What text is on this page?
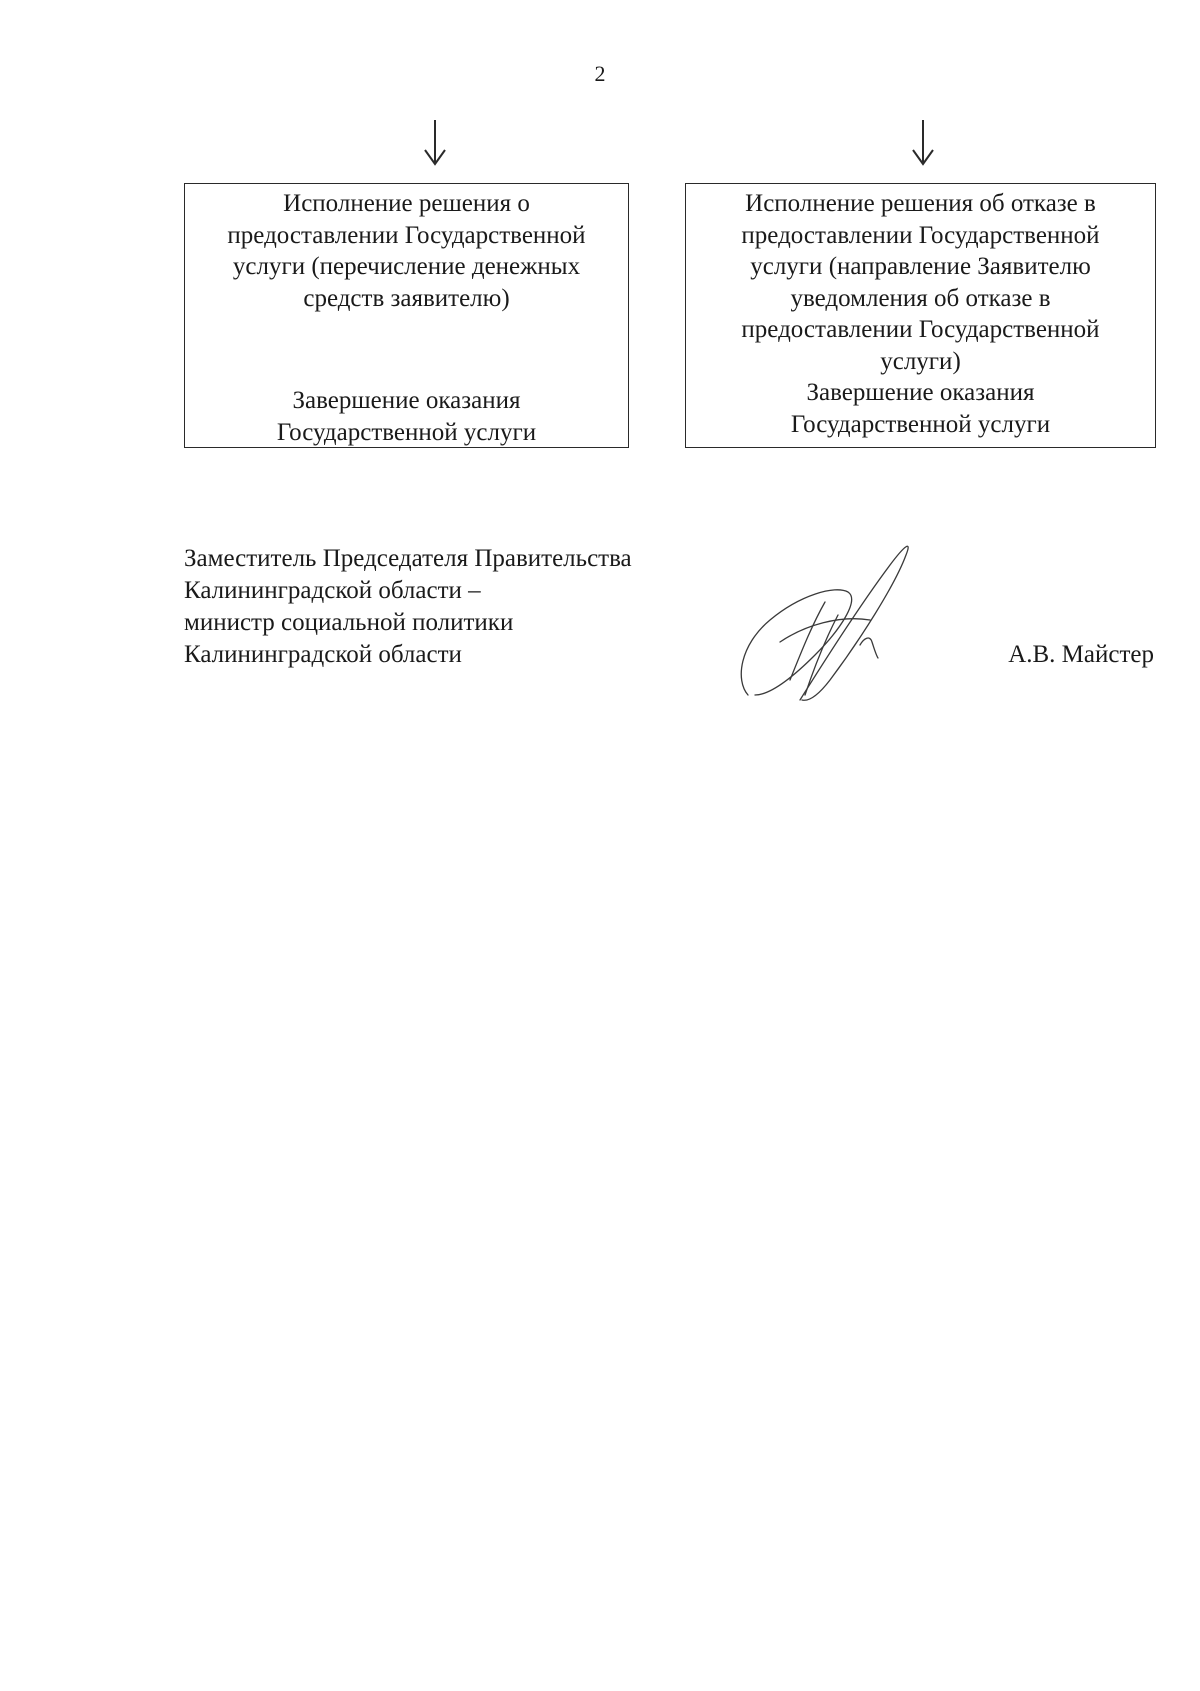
2
Исполнение решения о
предоставлении Государственной
услуги (перечисление денежных
средств заявителю)
Завершение оказания
Государственной услуги
Исполнение решения об отказе в
предоставлении Государственной
услуги (направление Заявителю
уведомления об отказе в
предоставлении Государственной
услуги)
Завершение оказания
Государственной услуги
Заместитель Председателя Правительства
Калининградской области –
министр социальной политики
Калининградской области	А.В. Майстер
